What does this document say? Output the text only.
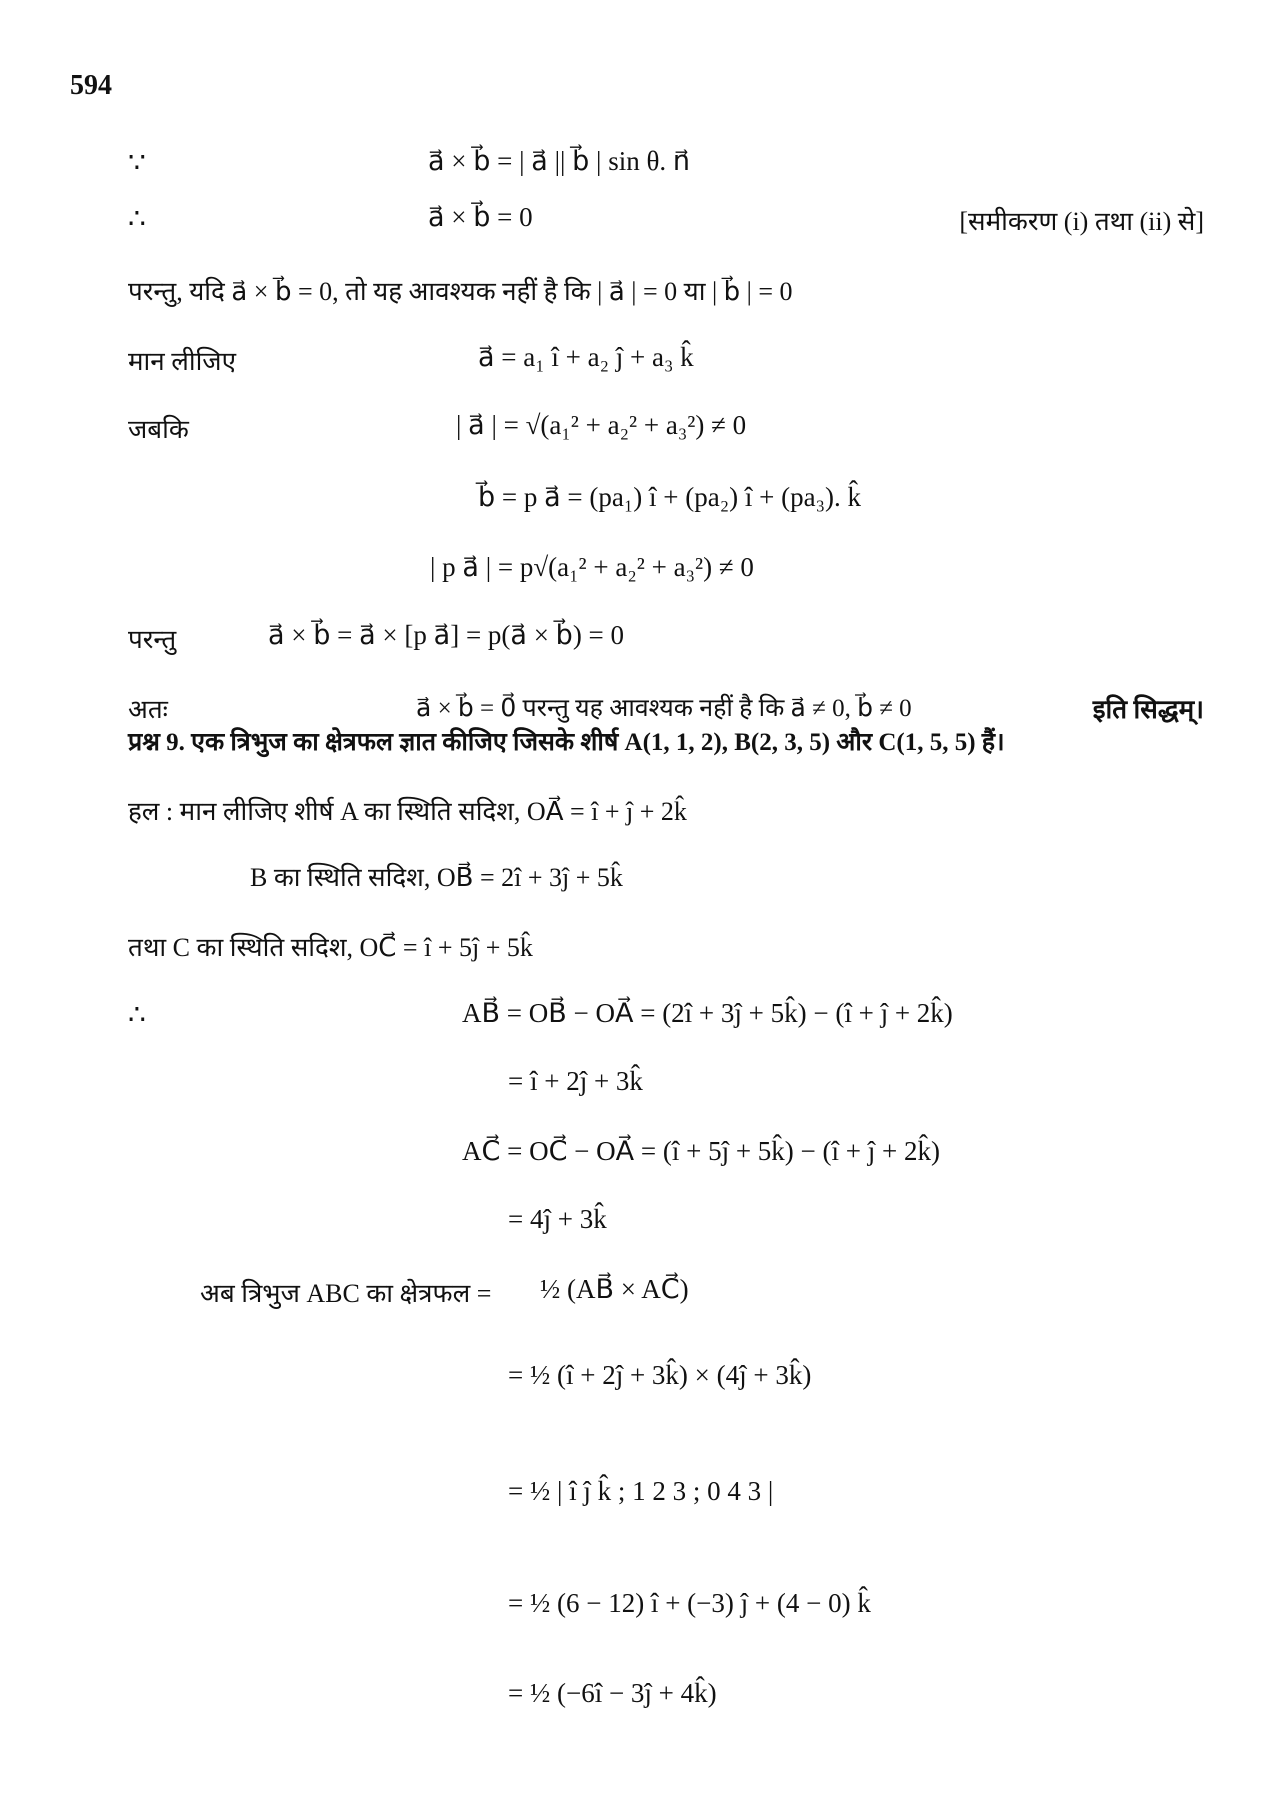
594
∵	a⃗ × b⃗ = | a⃗ || b⃗ | sin θ. n⃗
∴	a⃗ × b⃗ = 0	[समीकरण (i) तथा (ii) से]
परन्तु, यदि a⃗ × b⃗ = 0, तो यह आवश्यक नहीं है कि | a⃗ | = 0 या | b⃗ | = 0
मान लीजिए	a⃗ = a₁ î + a₂ ĵ + a₃ k̂
जबकि	| a⃗ | = √(a₁² + a₂² + a₃²) ≠ 0
b⃗ = p a⃗ = (pa₁) î + (pa₂) î + (pa₃). k̂
| p a⃗ | = p√(a₁² + a₂² + a₃²) ≠ 0
परन्तु	a⃗ × b⃗ = a⃗ × [p a⃗] = p(a⃗ × b⃗) = 0
अतः	a⃗ × b⃗ = 0⃗ परन्तु यह आवश्यक नहीं है कि a⃗ ≠ 0, b⃗ ≠ 0	इति सिद्धम्।
प्रश्न 9. एक त्रिभुज का क्षेत्रफल ज्ञात कीजिए जिसके शीर्ष A(1, 1, 2), B(2, 3, 5) और C(1, 5, 5) हैं।
हल : मान लीजिए शीर्ष A का स्थिति सदिश, OA⃗ = î + ĵ + 2k̂
B का स्थिति सदिश, OB⃗ = 2î + 3ĵ + 5k̂
तथा C का स्थिति सदिश, OC⃗ = î + 5ĵ + 5k̂
∴	AB⃗ = OB⃗ − OA⃗ = (2î + 3ĵ + 5k̂) − (î + ĵ + 2k̂)
= î + 2ĵ + 3k̂
AC⃗ = OC⃗ − OA⃗ = (î + 5ĵ + 5k̂) − (î + ĵ + 2k̂)
= 4ĵ + 3k̂
अब त्रिभुज ABC का क्षेत्रफल = ½ (AB⃗ × AC⃗)
= ½ (î + 2ĵ + 3k̂) × (4ĵ + 3k̂)
= ½ | î ĵ k̂ ; 1 2 3 ; 0 4 3 |
= ½ (6 − 12) î + (−3) ĵ + (4 − 0) k̂
= ½ (−6î − 3ĵ + 4k̂)
